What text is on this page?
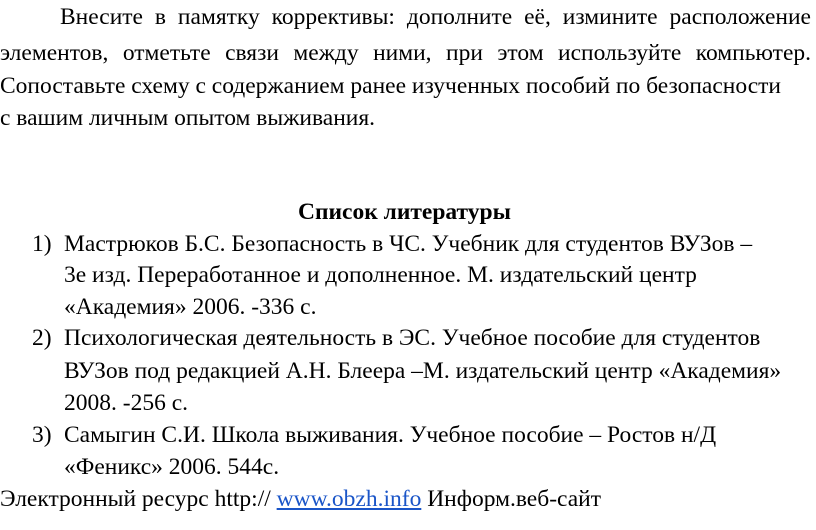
Внесите в памятку коррективы: дополните её, изминитe расположение
элементов, отметьте связи между ними, при этом используйте компьютер.
Сопоставьте схему с содержанием ранее изученных пособий по безопасности
с вашим личным опытом выживания.
Список литературы
1) Мастрюков Б.С. Безопасность в ЧС. Учебник для студентов ВУЗов –
3е изд. Переработанное и дополненное. М. издательский центр
«Академия» 2006. -336 с.
2) Психологическая деятельность в ЭС. Учебное пособие для студентов
ВУЗов под редакцией А.Н. Блеера –М. издательский центр «Академия»
2008. -256 с.
3) Самыгин С.И. Школа выживания. Учебное пособие – Ростов н/Д
«Феникс» 2006. 544с.
Электронный ресурс http:// www.obzh.info Информ.веб-сайт
